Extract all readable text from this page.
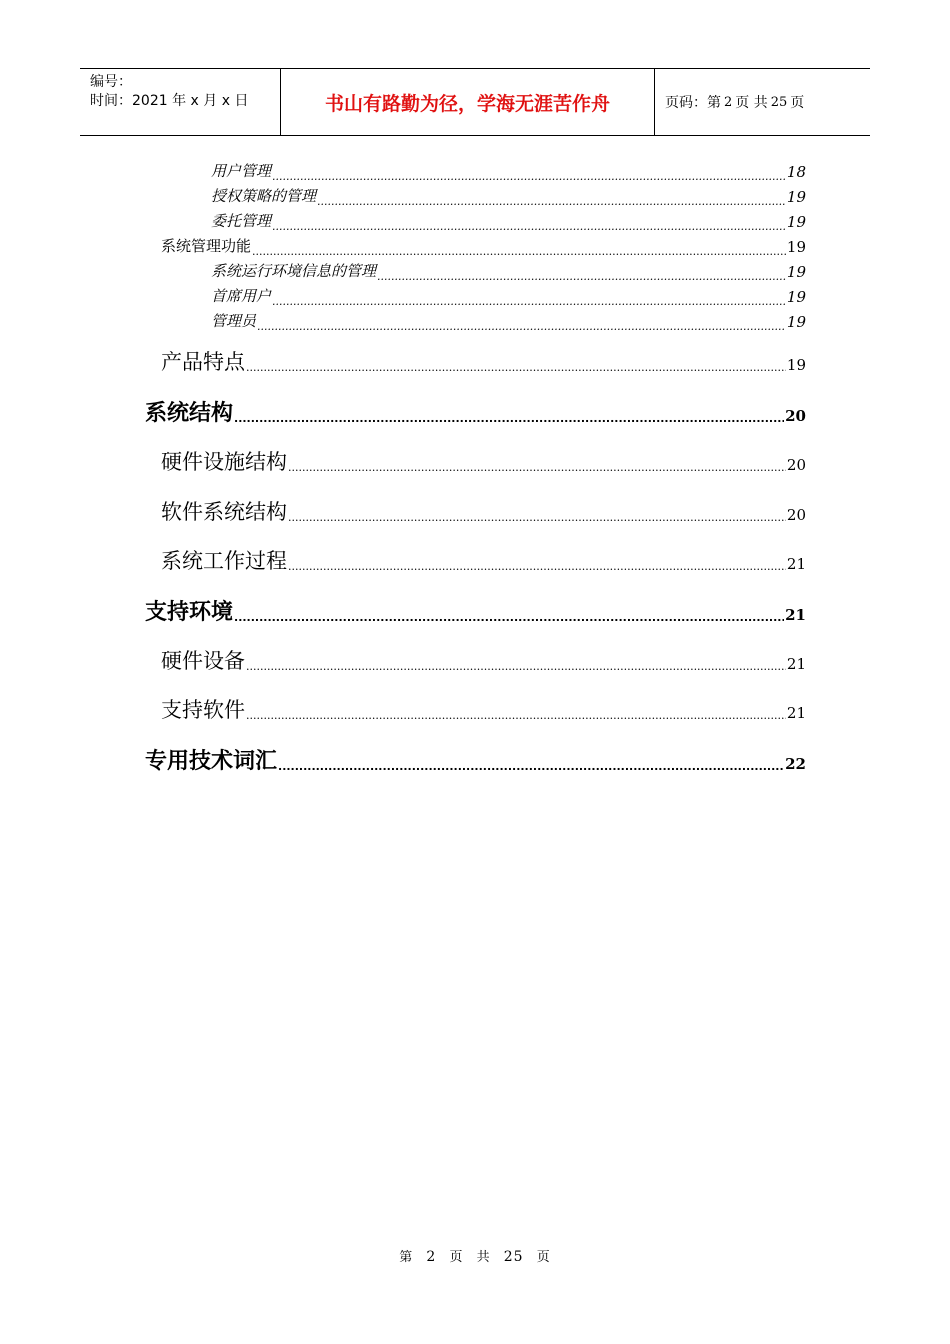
编号：
时间：2021 年 x 月 x 日	书山有路勤为径，学海无涯苦作舟	页码：第 2 页 共 25 页
用户管理 .....	18
授权策略的管理 .....	19
委托管理 .....	19
系统管理功能 .....	19
系统运行环境信息的管理 .....	19
首席用户 .....	19
管理员 .....	19
产品特点 .....	19
系统结构 .....	20
硬件设施结构 .....	20
软件系统结构 .....	20
系统工作过程 .....	21
支持环境 .....	21
硬件设备 .....	21
支持软件 .....	21
专用技术词汇 .....	22
第 2 页 共 25 页
